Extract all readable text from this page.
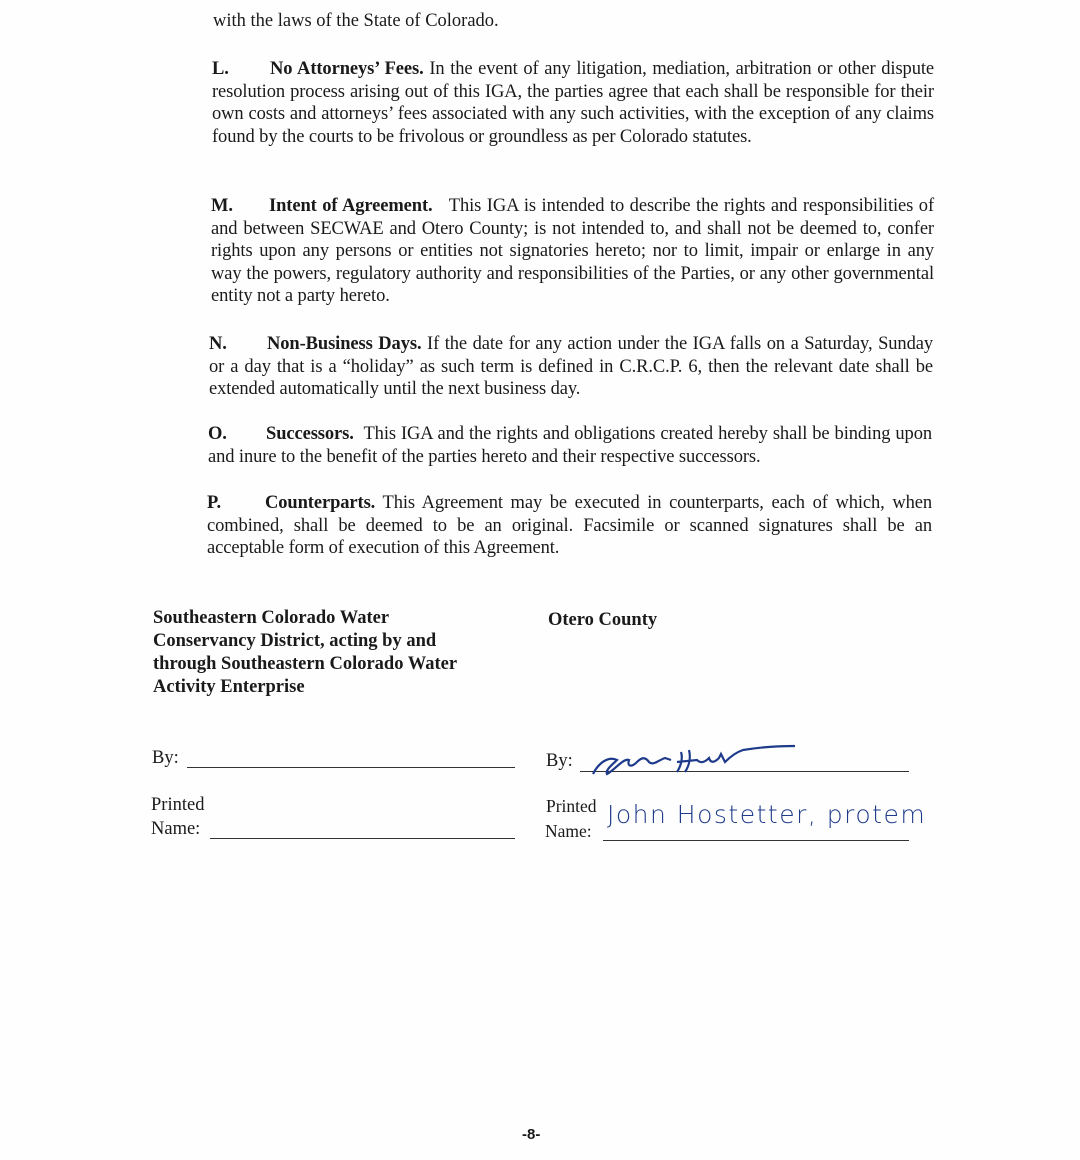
with the laws of the State of Colorado.
L. No Attorneys’ Fees. In the event of any litigation, mediation, arbitration or other dispute resolution process arising out of this IGA, the parties agree that each shall be responsible for their own costs and attorneys’ fees associated with any such activities, with the exception of any claims found by the courts to be frivolous or groundless as per Colorado statutes.
M. Intent of Agreement.   This IGA is intended to describe the rights and responsibilities of and between SECWAE and Otero County; is not intended to, and shall not be deemed to, confer rights upon any persons or entities not signatories hereto; nor to limit, impair or enlarge in any way the powers, regulatory authority and responsibilities of the Parties, or any other governmental entity not a party hereto.
N. Non-Business Days. If the date for any action under the IGA falls on a Saturday, Sunday or a day that is a “holiday” as such term is defined in C.R.C.P. 6, then the relevant date shall be extended automatically until the next business day.
O. Successors.  This IGA and the rights and obligations created hereby shall be binding upon and inure to the benefit of the parties hereto and their respective successors.
P. Counterparts. This Agreement may be executed in counterparts, each of which, when combined, shall be deemed to be an original. Facsimile or scanned signatures shall be an acceptable form of execution of this Agreement.
Southeastern Colorado Water
Conservancy District, acting by and
through Southeastern Colorado Water
Activity Enterprise
By:
Printed
Name:
Otero County
By:
Printed
Name:
John Hostetter, protem
-8-
